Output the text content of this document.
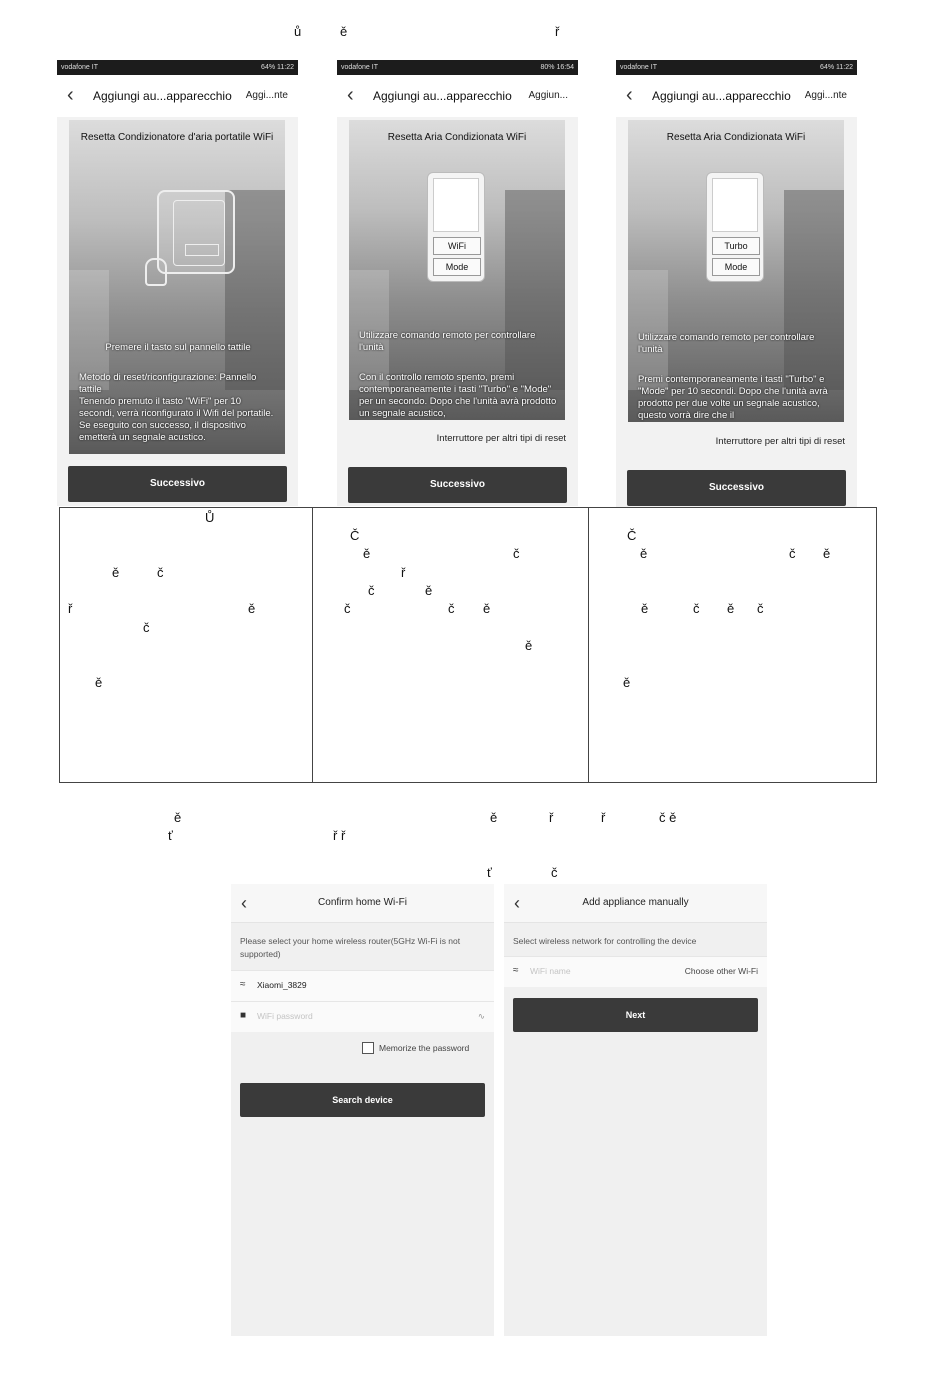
ů	ě	ř
vodafone IT	64% 11:22
‹ Aggiungi au...apparecchio Aggi...nte
Resetta Condizionatore d'aria portatile WiFi
Premere il tasto sul pannello tattile
Metodo di reset/riconfigurazione: Pannello tattile
Tenendo premuto il tasto "WiFi" per 10 secondi, verrà riconfigurato il Wifi del portatile. Se eseguito con successo, il dispositivo emetterà un segnale acustico.
Successivo
vodafone IT	80% 16:54
‹ Aggiungi au...apparecchio Aggiun...
Resetta Aria Condizionata WiFi
WiFi
Mode
Utilizzare comando remoto per controllare l'unità
Con il controllo remoto spento, premi contemporaneamente i tasti "Turbo" e "Mode" per un secondo. Dopo che l'unità avrà prodotto un segnale acustico,
Interruttore per altri tipi di reset
Successivo
vodafone IT	64% 11:22
‹ Aggiungi au...apparecchio Aggi...nte
Resetta Aria Condizionata WiFi
Turbo
Mode
Utilizzare comando remoto per controllare l'unità
Premi contemporaneamente i tasti "Turbo" e "Mode" per 10 secondi. Dopo che l'unità avrà prodotto per due volte un segnale acustico, questo vorrà dire che il
Interruttore per altri tipi di reset
Successivo
Ů
ě	č
ř	ě
č
ě
Č
ě	č
ř
č	ě
č	č ě
ě
Č
ě	č ě
ě	č ě č
ě
ě	ě	ř	ř	č ě
ť	ř ř
ť	č
‹	Confirm home Wi-Fi
Please select your home wireless router(5GHz Wi-Fi is not supported)
≈ Xiaomi_3829
■ WiFi password	∿
Memorize the password
Search device
‹	Add appliance manually
Select wireless network for controlling the device
≈ WiFi name	Choose other Wi-Fi
Next
